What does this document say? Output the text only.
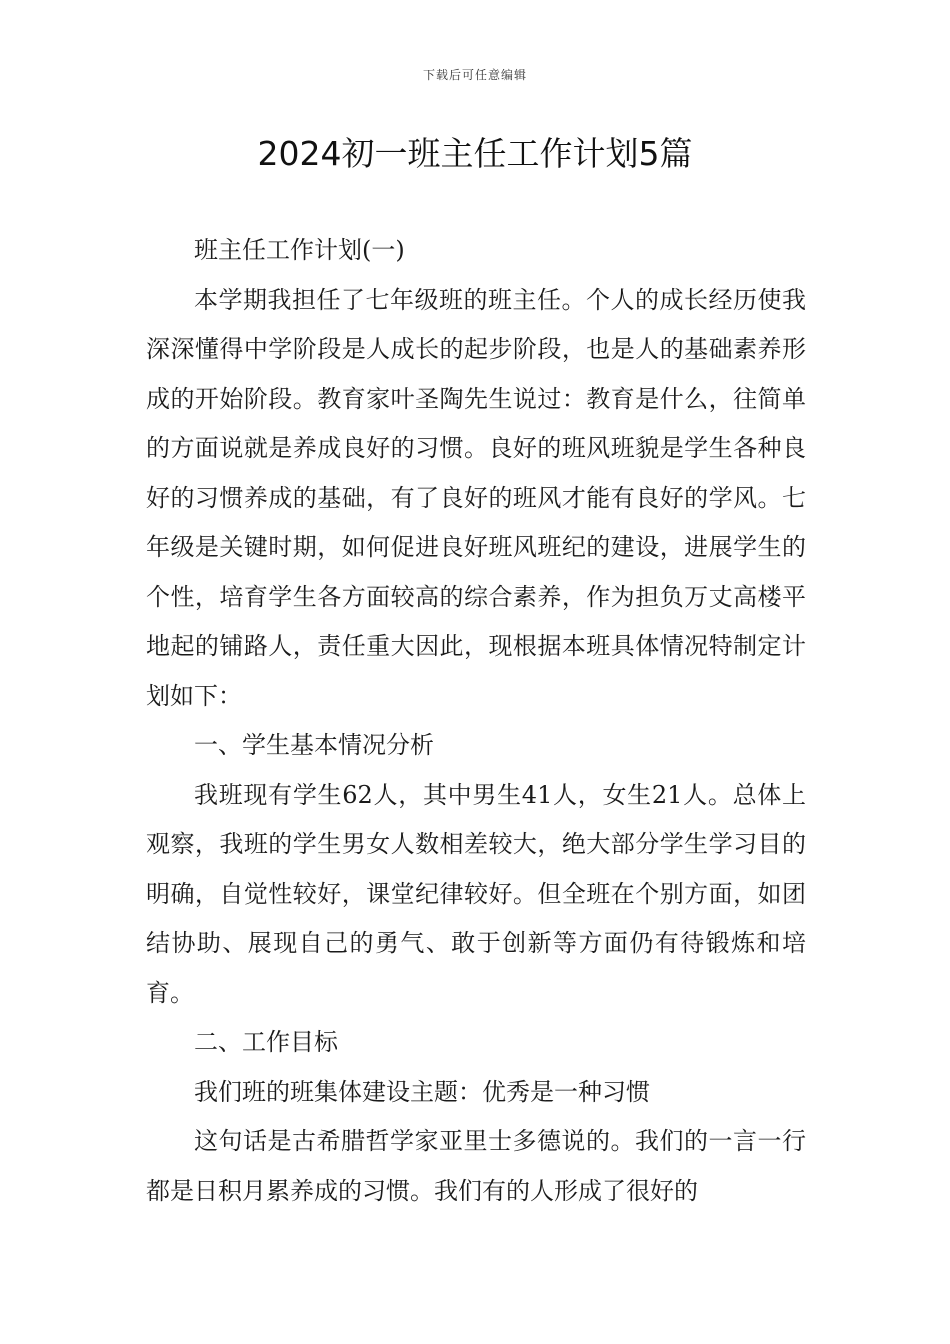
下载后可任意编辑
2024初一班主任工作计划5篇

班主任工作计划(一)

本学期我担任了七年级班的班主任。个人的成长经历使我深深懂得中学阶段是人成长的起步阶段，也是人的基础素养形成的开始阶段。教育家叶圣陶先生说过：教育是什么，往简单的方面说就是养成良好的习惯。良好的班风班貌是学生各种良好的习惯养成的基础，有了良好的班风才能有良好的学风。七年级是关键时期，如何促进良好班风班纪的建设，进展学生的个性，培育学生各方面较高的综合素养，作为担负万丈高楼平地起的铺路人，责任重大因此，现根据本班具体情况特制定计划如下：

一、学生基本情况分析

我班现有学生62人，其中男生41人，女生21人。总体上观察，我班的学生男女人数相差较大，绝大部分学生学习目的明确，自觉性较好，课堂纪律较好。但全班在个别方面，如团结协助、展现自己的勇气、敢于创新等方面仍有待锻炼和培育。

二、工作目标

我们班的班集体建设主题：优秀是一种习惯

这句话是古希腊哲学家亚里士多德说的。我们的一言一行都是日积月累养成的习惯。我们有的人形成了很好的
